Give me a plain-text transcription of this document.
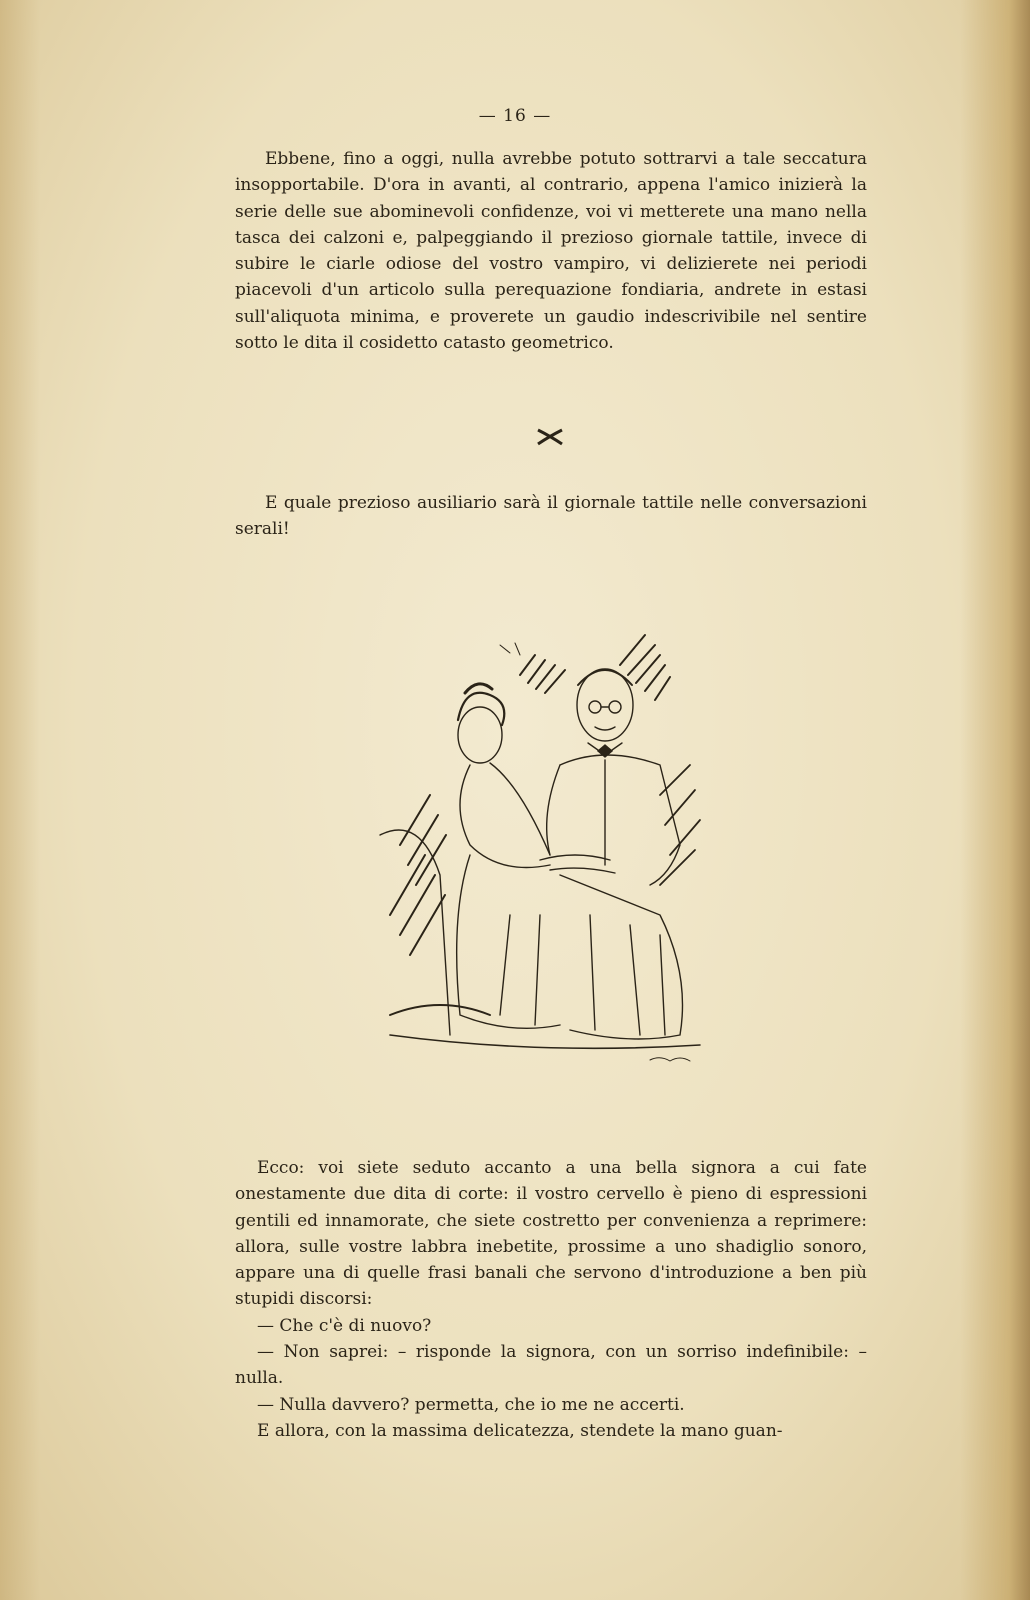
— 16 —

Ebbene, fino a oggi, nulla avrebbe potuto sottrarvi a tale seccatura insopportabile. D'ora in avanti, al contrario, appena l'amico inizierà la serie delle sue abominevoli confidenze, voi vi metterete una mano nella tasca dei calzoni e, palpeggiando il prezioso giornale tattile, invece di subire le ciarle odiose del vostro vampiro, vi delizierete nei periodi piacevoli d'un articolo sulla perequazione fondiaria, andrete in estasi sull'aliquota minima, e proverete un gaudio indescrivibile nel sentire sotto le dita il cosidetto catasto geometrico.

E quale prezioso ausiliario sarà il giornale tattile nelle conversazioni serali!

Ecco: voi siete seduto accanto a una bella signora a cui fate onestamente due dita di corte: il vostro cervello è pieno di espressioni gentili ed innamorate, che siete costretto per convenienza a reprimere: allora, sulle vostre labbra inebetite, prossime a uno shadiglio sonoro, appare una di quelle frasi banali che servono d'introduzione a ben più stupidi discorsi:

— Che c'è di nuovo?

— Non saprei: – risponde la signora, con un sorriso indefinibile: – nulla.

— Nulla davvero? permetta, che io me ne accerti.

E allora, con la massima delicatezza, stendete la mano guan-
